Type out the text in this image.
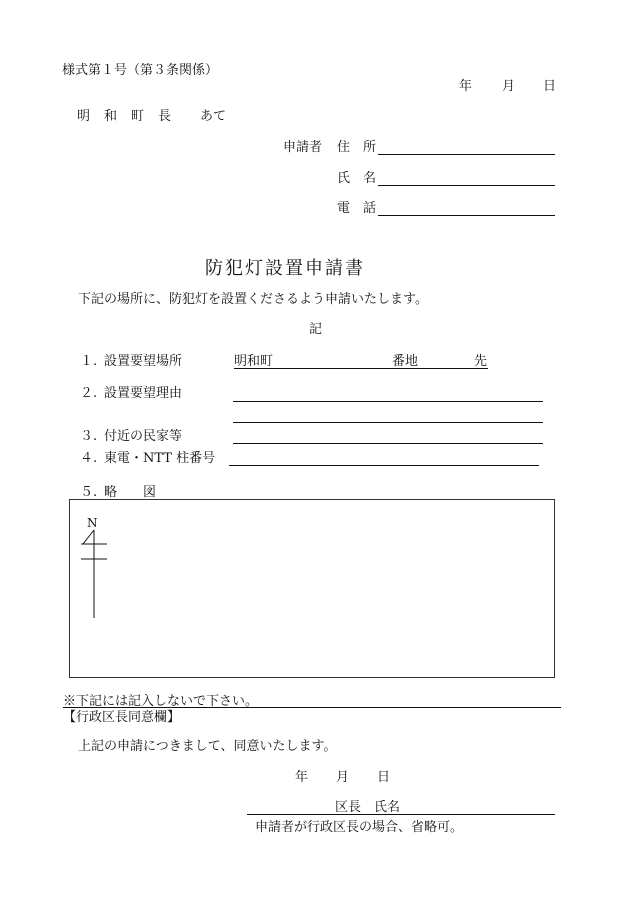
様式第１号（第３条関係）
年 月 日
明 和 町 長 あて
申請者 住　所
氏　名
電　話
防犯灯設置申請書
下記の場所に、防犯灯を設置くださるよう申請いたします。
記
１. 設置要望場所	明和町	番地	先
２. 設置要望理由
３. 付近の民家等
４. 東電・NTT 柱番号
５. 略　　図
N
※下記には記入しないで下さい。
【行政区長同意欄】
上記の申請につきまして、同意いたします。
年 月 日
区長　氏名
申請者が行政区長の場合、省略可。
